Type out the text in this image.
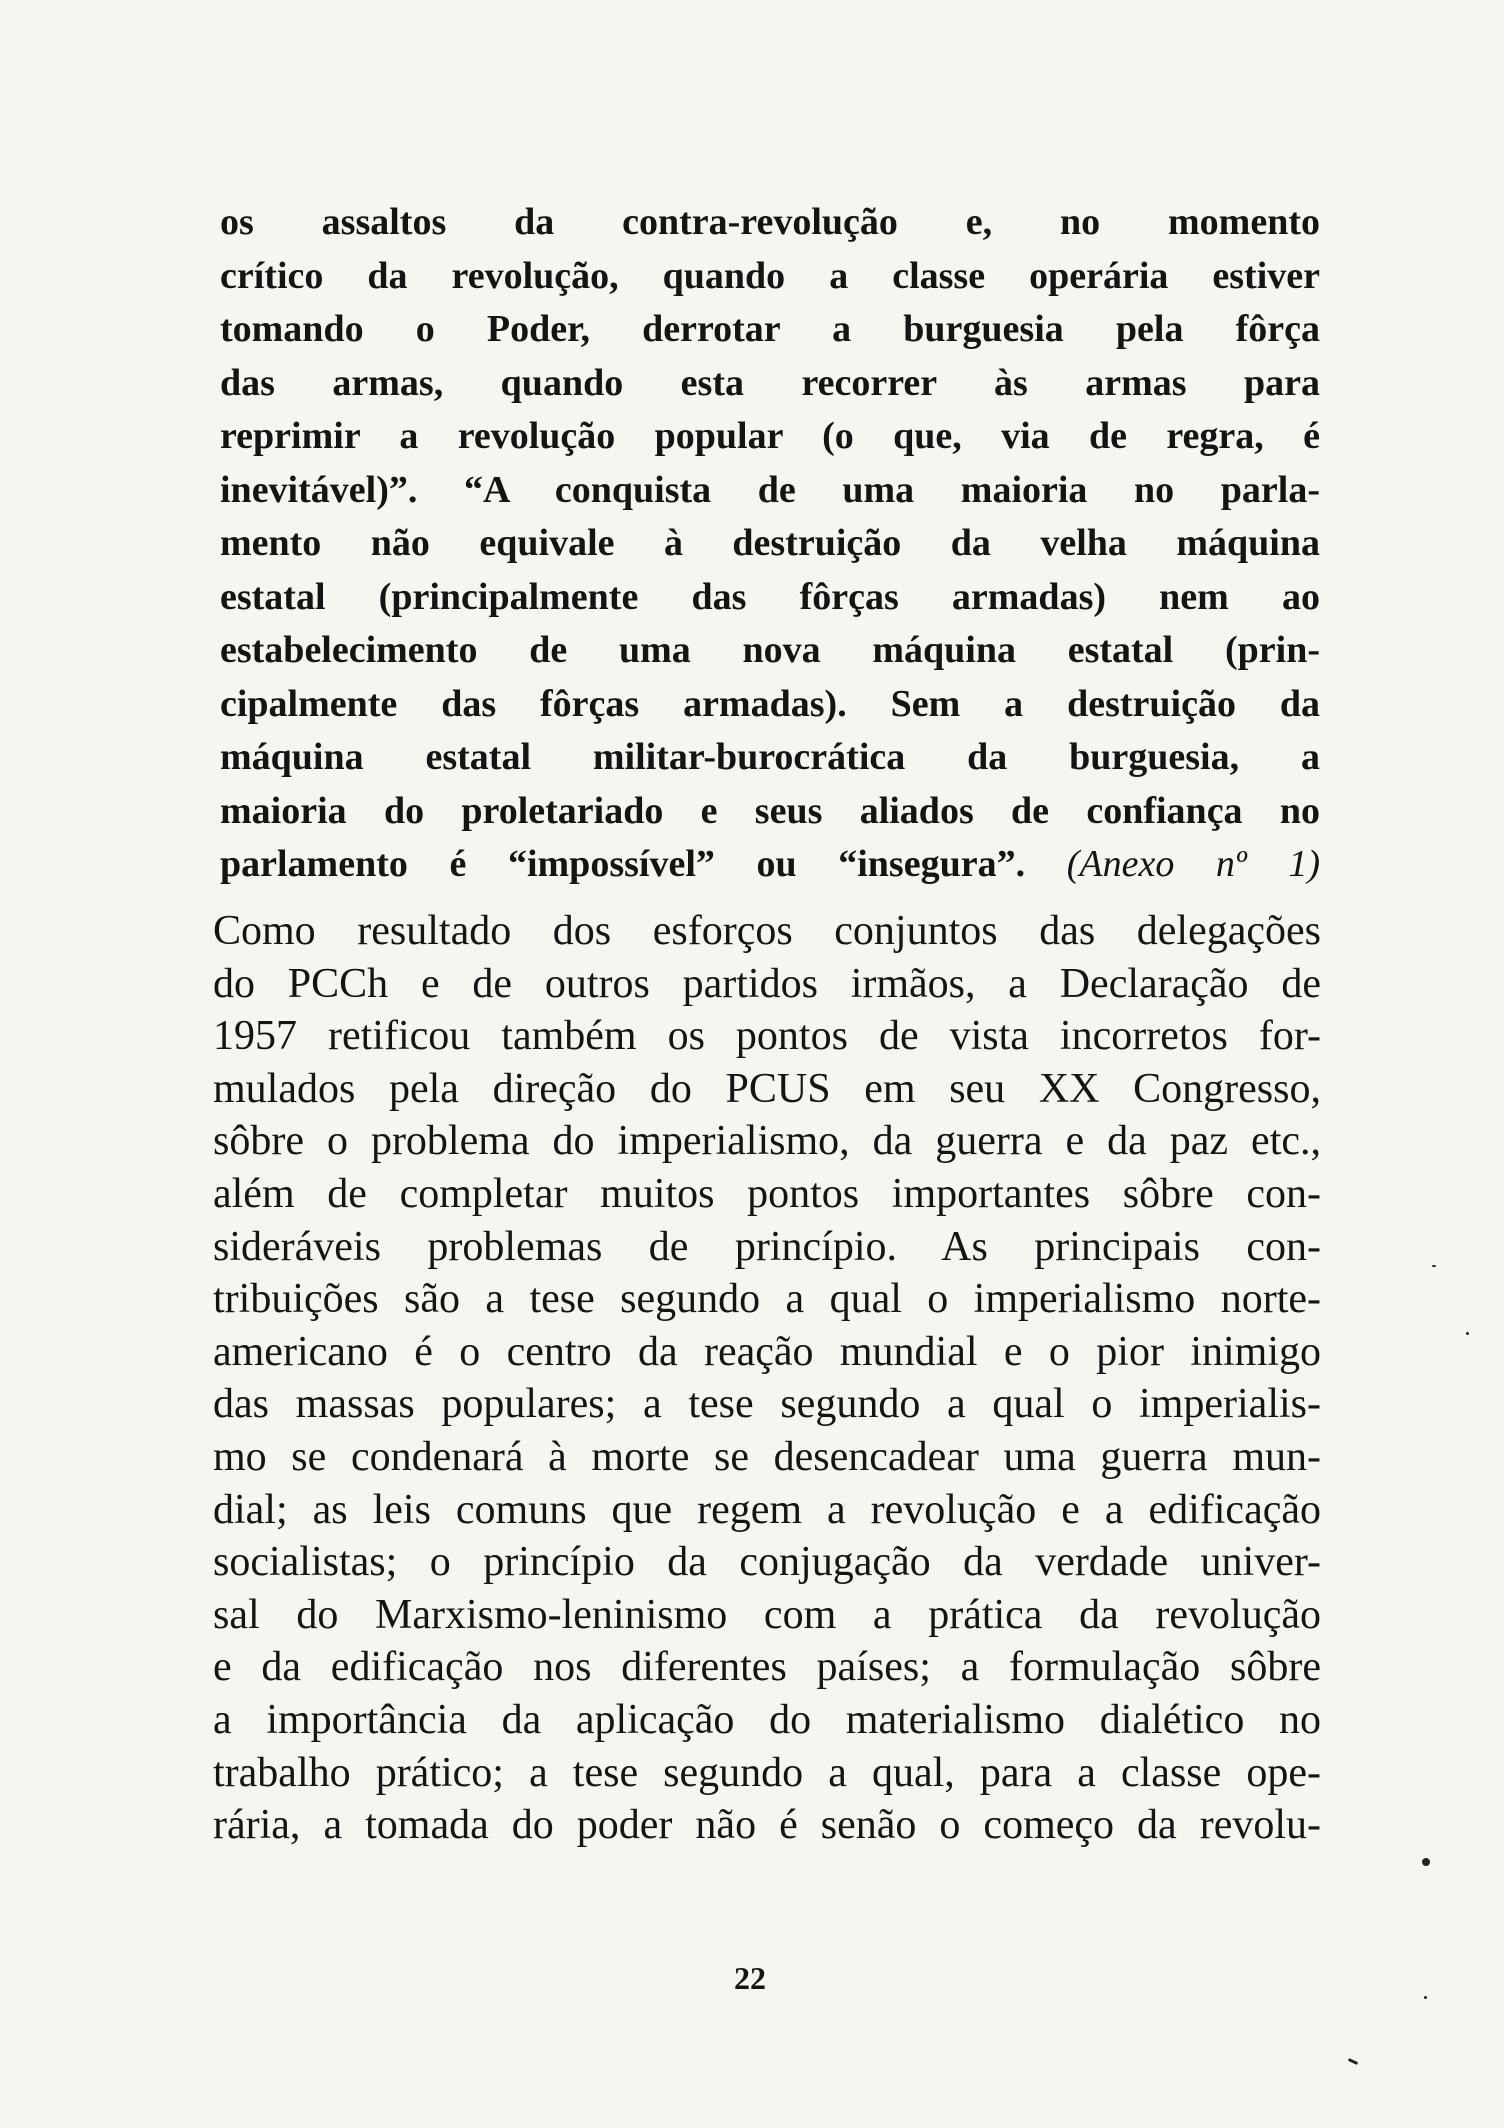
os assaltos da contra-revolução e, no momento
crítico da revolução, quando a classe operária estiver
tomando o Poder, derrotar a burguesia pela fôrça
das armas, quando esta recorrer às armas para
reprimir a revolução popular (o que, via de regra, é
inevitável)”. “A conquista de uma maioria no parla-
mento não equivale à destruição da velha máquina
estatal (principalmente das fôrças armadas) nem ao
estabelecimento de uma nova máquina estatal (prin-
cipalmente das fôrças armadas). Sem a destruição da
máquina estatal militar-burocrática da burguesia, a
maioria do proletariado e seus aliados de confiança no
parlamento é “impossível” ou “insegura”. (Anexo nº 1)
Como resultado dos esforços conjuntos das delegações
do PCCh e de outros partidos irmãos, a Declaração de
1957 retificou também os pontos de vista incorretos for-
mulados pela direção do PCUS em seu XX Congresso,
sôbre o problema do imperialismo, da guerra e da paz etc.,
além de completar muitos pontos importantes sôbre con-
sideráveis problemas de princípio. As principais con-
tribuições são a tese segundo a qual o imperialismo norte-
americano é o centro da reação mundial e o pior inimigo
das massas populares; a tese segundo a qual o imperialis-
mo se condenará à morte se desencadear uma guerra mun-
dial; as leis comuns que regem a revolução e a edificação
socialistas; o princípio da conjugação da verdade univer-
sal do Marxismo-leninismo com a prática da revolução
e da edificação nos diferentes países; a formulação sôbre
a importância da aplicação do materialismo dialético no
trabalho prático; a tese segundo a qual, para a classe ope-
rária, a tomada do poder não é senão o começo da revolu-
22
